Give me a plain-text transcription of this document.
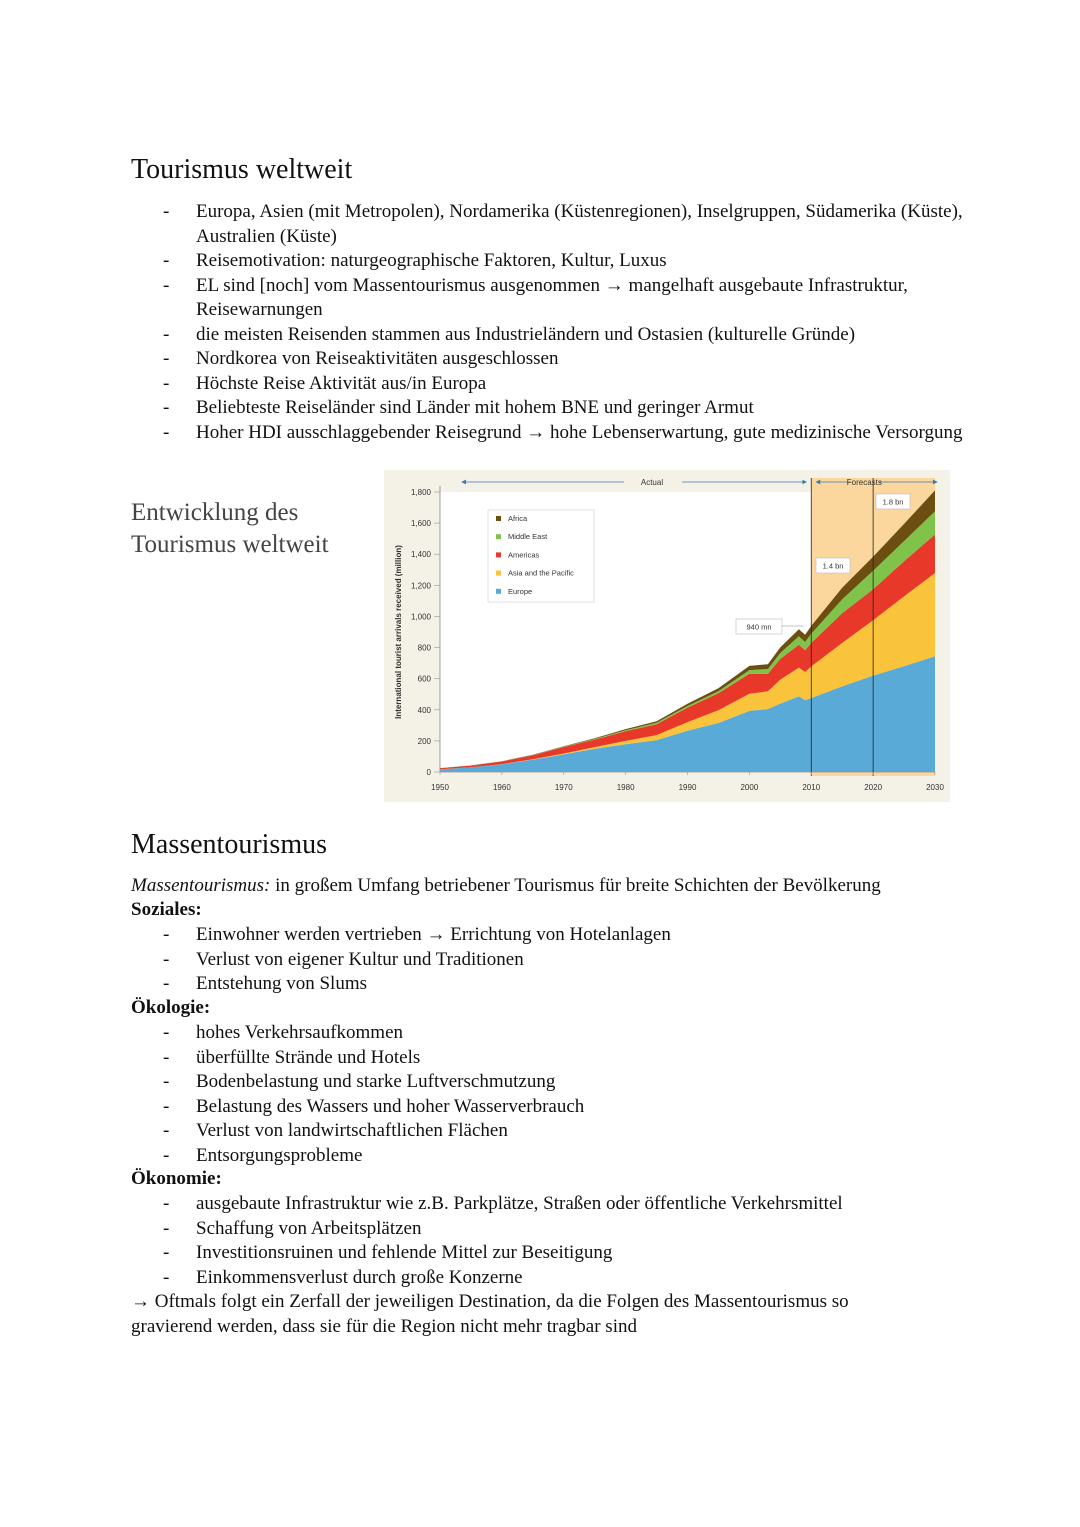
Tourismus weltweit
- Europa, Asien (mit Metropolen), Nordamerika (Küstenregionen), Inselgruppen, Südamerika (Küste), Australien (Küste)
- Reisemotivation: naturgeographische Faktoren, Kultur, Luxus
- EL sind [noch] vom Massentourismus ausgenommen → mangelhaft ausgebaute Infrastruktur, Reisewarnungen
- die meisten Reisenden stammen aus Industrieländern und Ostasien (kulturelle Gründe)
- Nordkorea von Reiseaktivitäten ausgeschlossen
- Höchste Reise Aktivität aus/in Europa
- Beliebteste Reiseländer sind Länder mit hohem BNE und geringer Armut
- Hoher HDI ausschlaggebender Reisegrund → hohe Lebenserwartung, gute medizinische Versorgung
Entwicklung des
Tourismus weltweit
0
200
400
600
800
1,000
1,200
1,400
1,600
1,800
1950	1960	1970	1980	1990	2000	2010	2020	2030
International tourist arrivals received (million)
Actual	Forecasts
940 mn
1.4 bn
1.8 bn
Africa
Middle East
Americas
Asia and the Pacific
Europe
Massentourismus

Massentourismus: in großem Umfang betriebener Tourismus für breite Schichten der Bevölkerung

Soziales:

- Einwohner werden vertrieben → Errichtung von Hotelanlagen
- Verlust von eigener Kultur und Traditionen
- Entstehung von Slums

Ökologie:

- hohes Verkehrsaufkommen
- überfüllte Strände und Hotels
- Bodenbelastung und starke Luftverschmutzung
- Belastung des Wassers und hoher Wasserverbrauch
- Verlust von landwirtschaftlichen Flächen
- Entsorgungsprobleme

Ökonomie:

- ausgebaute Infrastruktur wie z.B. Parkplätze, Straßen oder öffentliche Verkehrsmittel
- Schaffung von Arbeitsplätzen
- Investitionsruinen und fehlende Mittel zur Beseitigung
- Einkommensverlust durch große Konzerne

→ Oftmals folgt ein Zerfall der jeweiligen Destination, da die Folgen des Massentourismus so gravierend werden, dass sie für die Region nicht mehr tragbar sind
